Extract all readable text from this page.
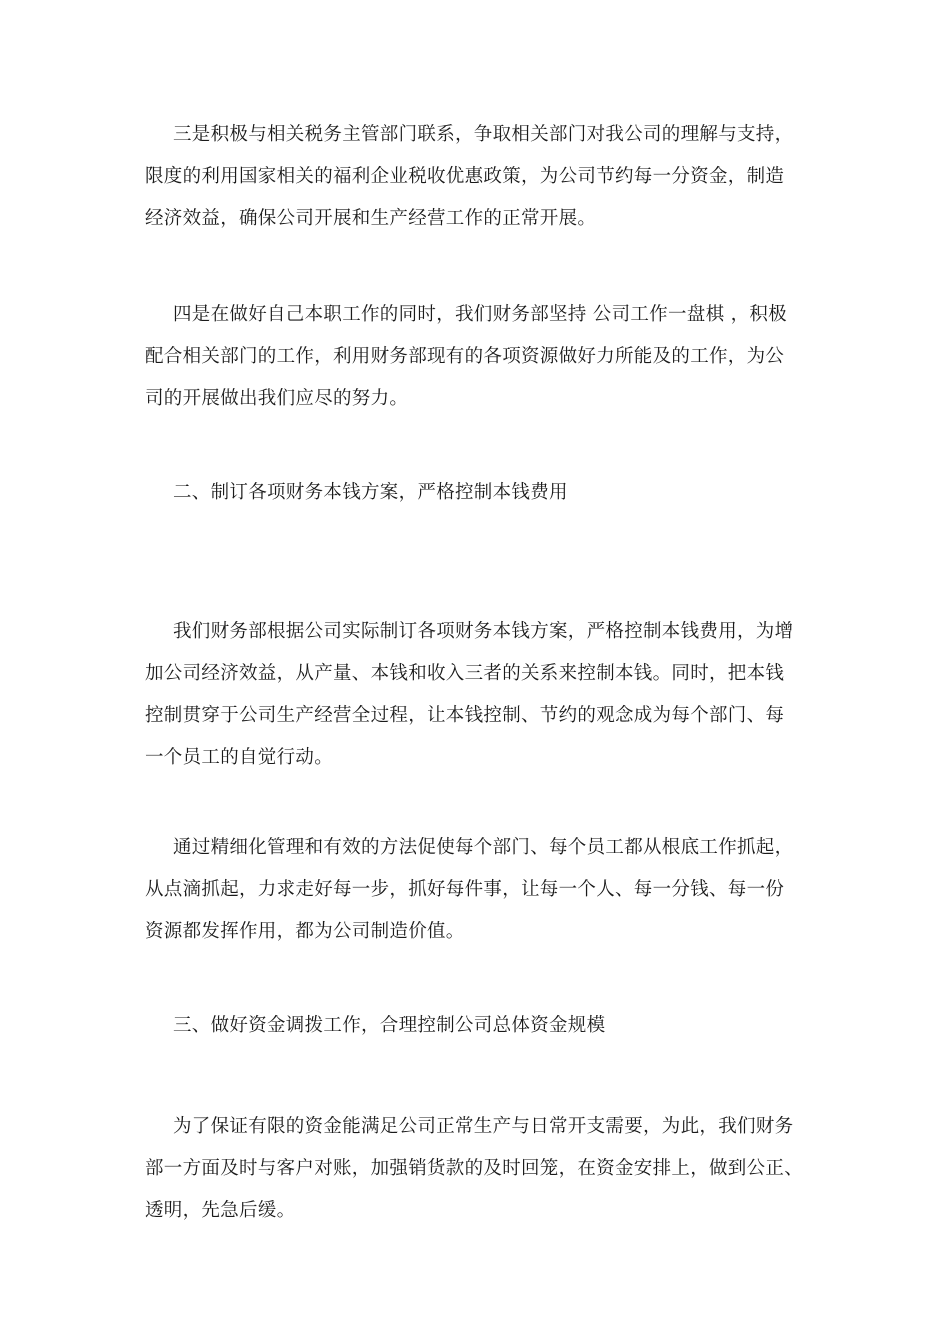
三是积极与相关税务主管部门联系，争取相关部门对我公司的理解与支持，
限度的利用国家相关的福利企业税收优惠政策，为公司节约每一分资金，制造
经济效益，确保公司开展和生产经营工作的正常开展。
四是在做好自己本职工作的同时，我们财务部坚持 公司工作一盘棋 ，积极
配合相关部门的工作，利用财务部现有的各项资源做好力所能及的工作，为公
司的开展做出我们应尽的努力。
二、制订各项财务本钱方案，严格控制本钱费用
我们财务部根据公司实际制订各项财务本钱方案，严格控制本钱费用，为增
加公司经济效益，从产量、本钱和收入三者的关系来控制本钱。同时，把本钱
控制贯穿于公司生产经营全过程，让本钱控制、节约的观念成为每个部门、每
一个员工的自觉行动。
通过精细化管理和有效的方法促使每个部门、每个员工都从根底工作抓起，
从点滴抓起，力求走好每一步，抓好每件事，让每一个人、每一分钱、每一份
资源都发挥作用，都为公司制造价值。
三、做好资金调拨工作，合理控制公司总体资金规模
为了保证有限的资金能满足公司正常生产与日常开支需要，为此，我们财务
部一方面及时与客户对账，加强销货款的及时回笼，在资金安排上，做到公正、
透明，先急后缓。
